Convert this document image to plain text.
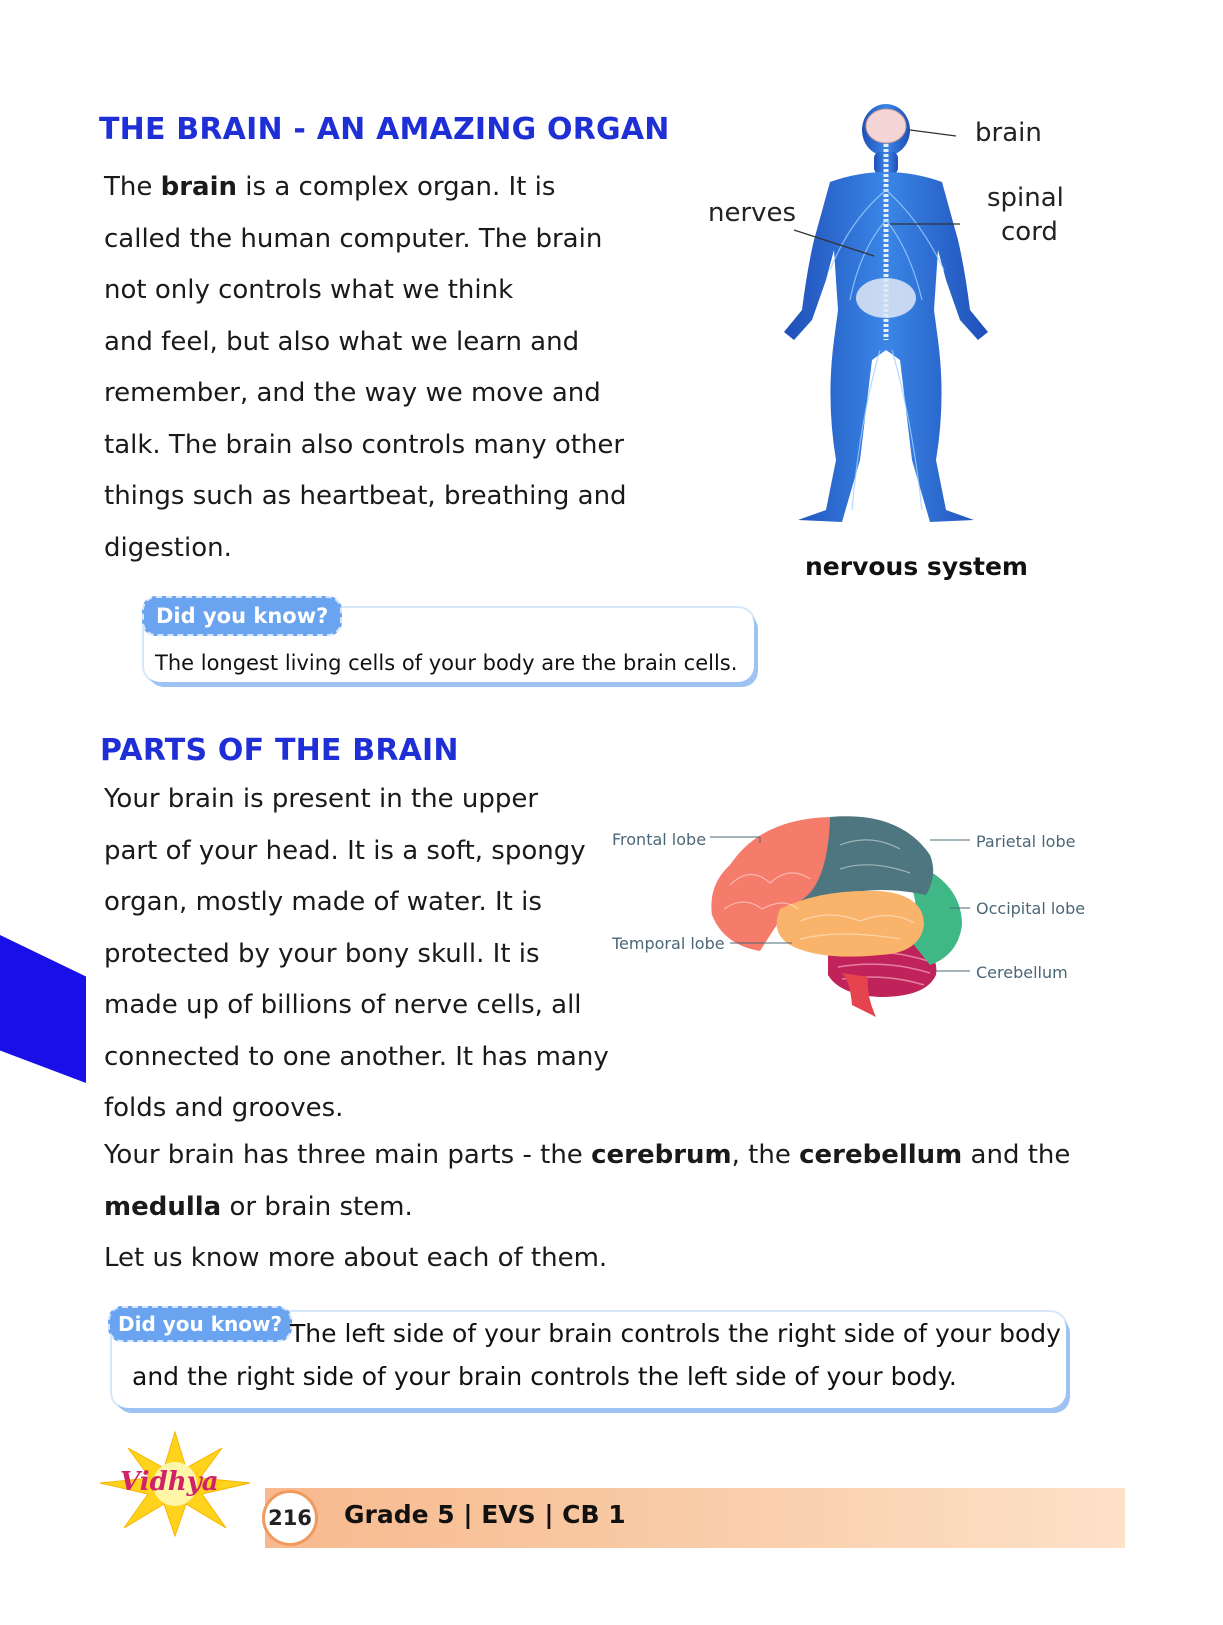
THE BRAIN - AN AMAZING ORGAN
The brain is a complex organ. It is
called the human computer. The brain
not only controls what we think
and feel, but also what we learn and
remember, and the way we move and
talk. The brain also controls many other
things such as heartbeat, breathing and
digestion.
brain
spinal
cord
nerves
nervous system
Did you know?
The longest living cells of your body are the brain cells.
PARTS OF THE BRAIN
Your brain is present in the upper
part of your head. It is a soft, spongy
organ, mostly made of water. It is
protected by your bony skull. It is
made up of billions of nerve cells, all
connected to one another. It has many
folds and grooves.
Your brain has three main parts - the cerebrum, the cerebellum and the
medulla or brain stem.
Let us know more about each of them.
Frontal lobe	Parietal lobe
Occipital lobe
Temporal lobe
Cerebellum
Did you know? The left side of your brain controls the right side of your body
and the right side of your brain controls the left side of your body.
Vidhya
216 Grade 5 | EVS | CB 1
